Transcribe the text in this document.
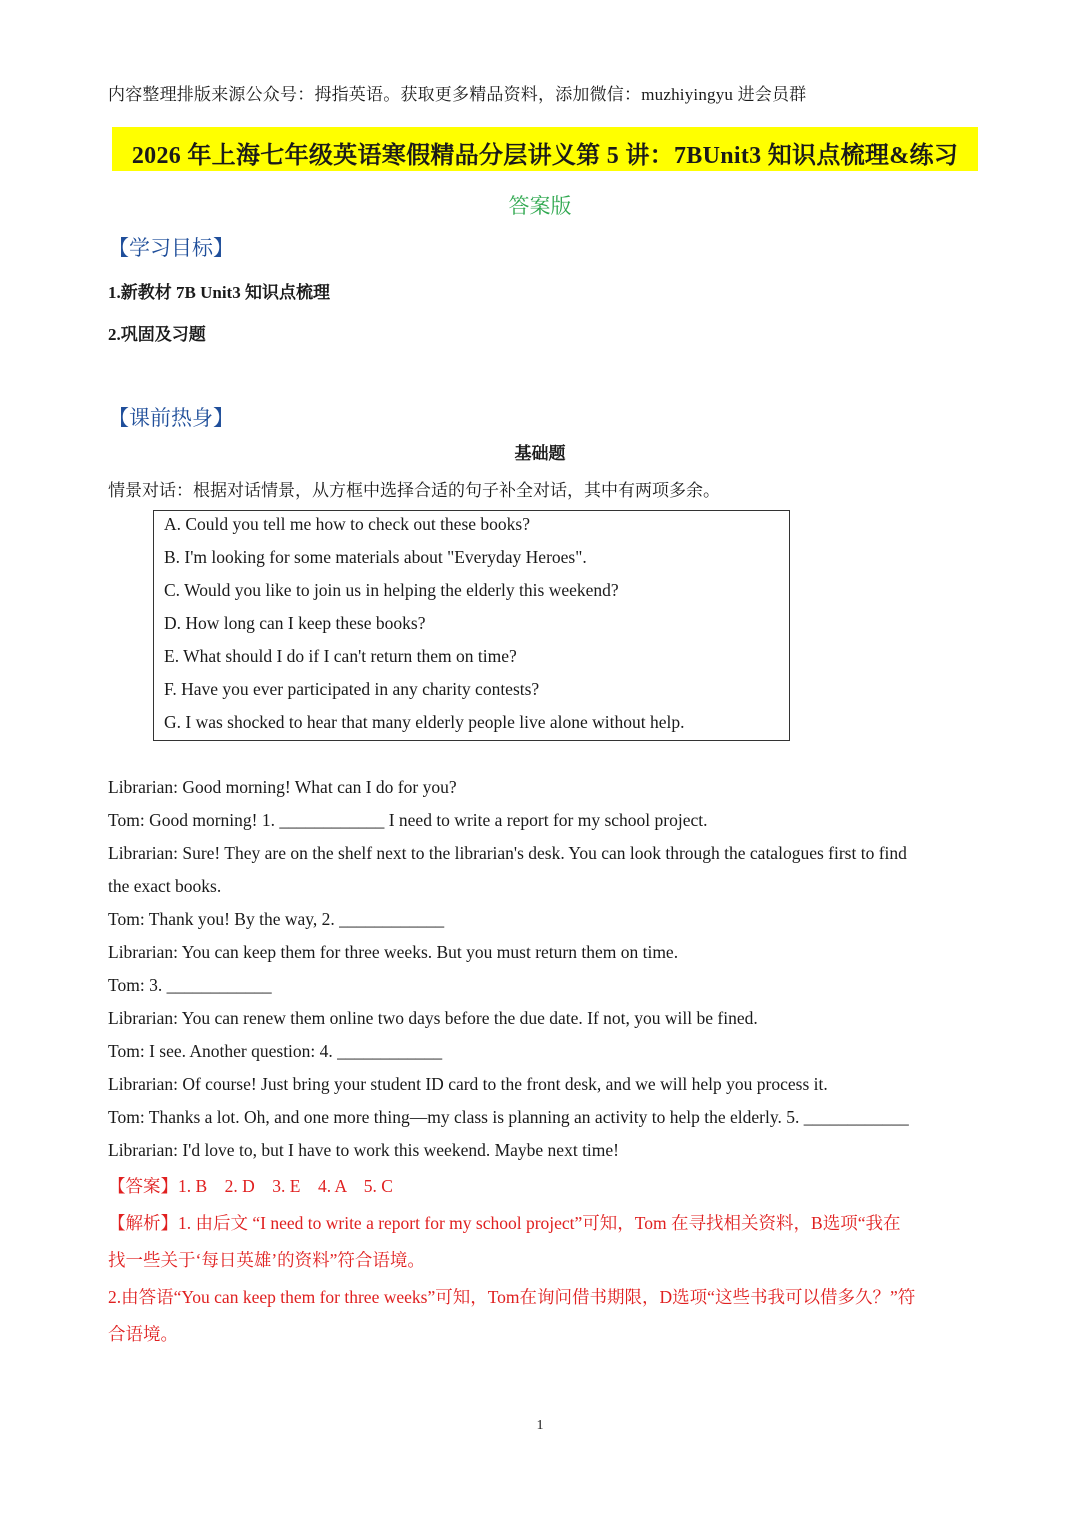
内容整理排版来源公众号：拇指英语。获取更多精品资料，添加微信：muzhiyingyu 进会员群
2026 年上海七年级英语寒假精品分层讲义第 5 讲：7BUnit3 知识点梳理&练习
答案版
【学习目标】
1.新教材 7B Unit3 知识点梳理
2.巩固及习题
【课前热身】
基础题
情景对话：根据对话情景，从方框中选择合适的句子补全对话，其中有两项多余。
A. Could you tell me how to check out these books?
B. I'm looking for some materials about "Everyday Heroes".
C. Would you like to join us in helping the elderly this weekend?
D. How long can I keep these books?
E. What should I do if I can't return them on time?
F. Have you ever participated in any charity contests?
G. I was shocked to hear that many elderly people live alone without help.
Librarian: Good morning! What can I do for you?
Tom: Good morning! 1. ____________ I need to write a report for my school project.
Librarian: Sure! They are on the shelf next to the librarian's desk. You can look through the catalogues first to find
the exact books.
Tom: Thank you! By the way, 2. ____________
Librarian: You can keep them for three weeks. But you must return them on time.
Tom: 3. ____________
Librarian: You can renew them online two days before the due date. If not, you will be fined.
Tom: I see. Another question: 4. ____________
Librarian: Of course! Just bring your student ID card to the front desk, and we will help you process it.
Tom: Thanks a lot. Oh, and one more thing—my class is planning an activity to help the elderly. 5. ____________
Librarian: I'd love to, but I have to work this weekend. Maybe next time!
【答案】1. B    2. D    3. E    4. A    5. C
【解析】1. 由后文 “I need to write a report for my school project”可知，Tom 在寻找相关资料，B选项“我在
找一些关于‘每日英雄’的资料”符合语境。
2.由答语“You can keep them for three weeks”可知，Tom在询问借书期限，D选项“这些书我可以借多久？”符
合语境。
1
